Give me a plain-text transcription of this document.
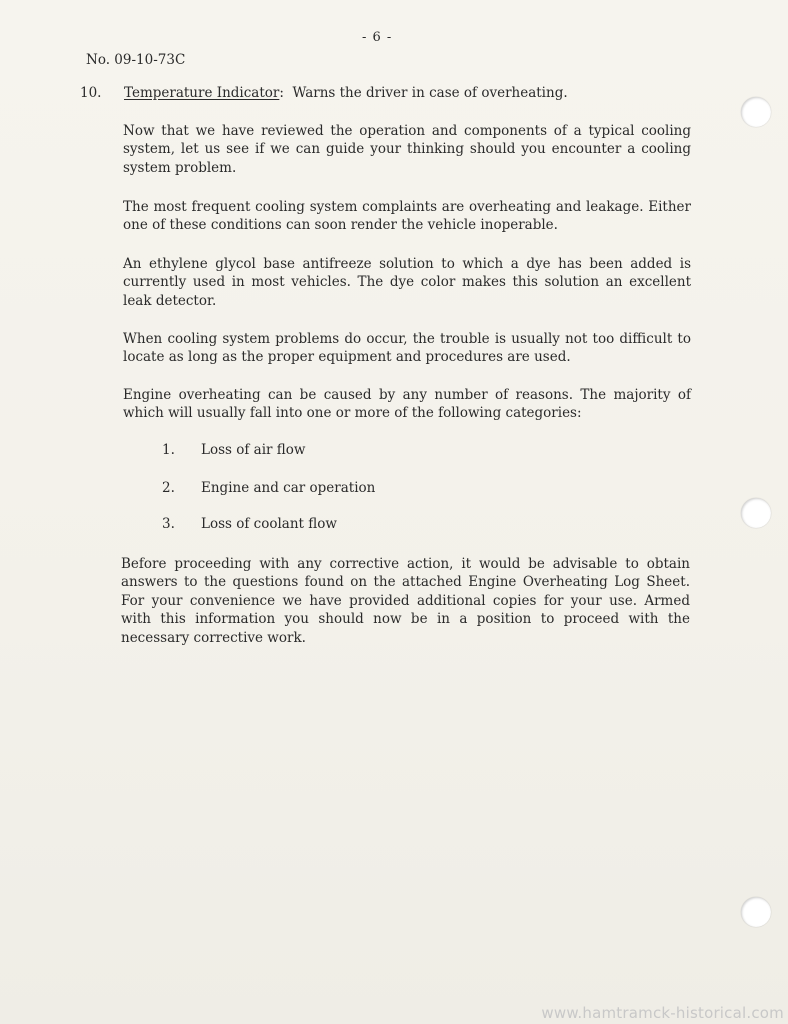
- 6 -
No. 09-10-73C
10. Temperature Indicator: Warns the driver in case of overheating.
Now that we have reviewed the operation and components of a typical cooling system, let us see if we can guide your thinking should you encounter a cooling system problem.
The most frequent cooling system complaints are overheating and leakage. Either one of these conditions can soon render the vehicle inoperable.
An ethylene glycol base antifreeze solution to which a dye has been added is currently used in most vehicles. The dye color makes this solution an excellent leak detector.
When cooling system problems do occur, the trouble is usually not too difficult to locate as long as the proper equipment and procedures are used.
Engine overheating can be caused by any number of reasons. The majority of which will usually fall into one or more of the following categories:
1. Loss of air flow
2. Engine and car operation
3. Loss of coolant flow
Before proceeding with any corrective action, it would be advisable to obtain answers to the questions found on the attached Engine Overheating Log Sheet. For your convenience we have provided additional copies for your use. Armed with this information you should now be in a position to proceed with the necessary corrective work.
www.hamtramck-historical.com
